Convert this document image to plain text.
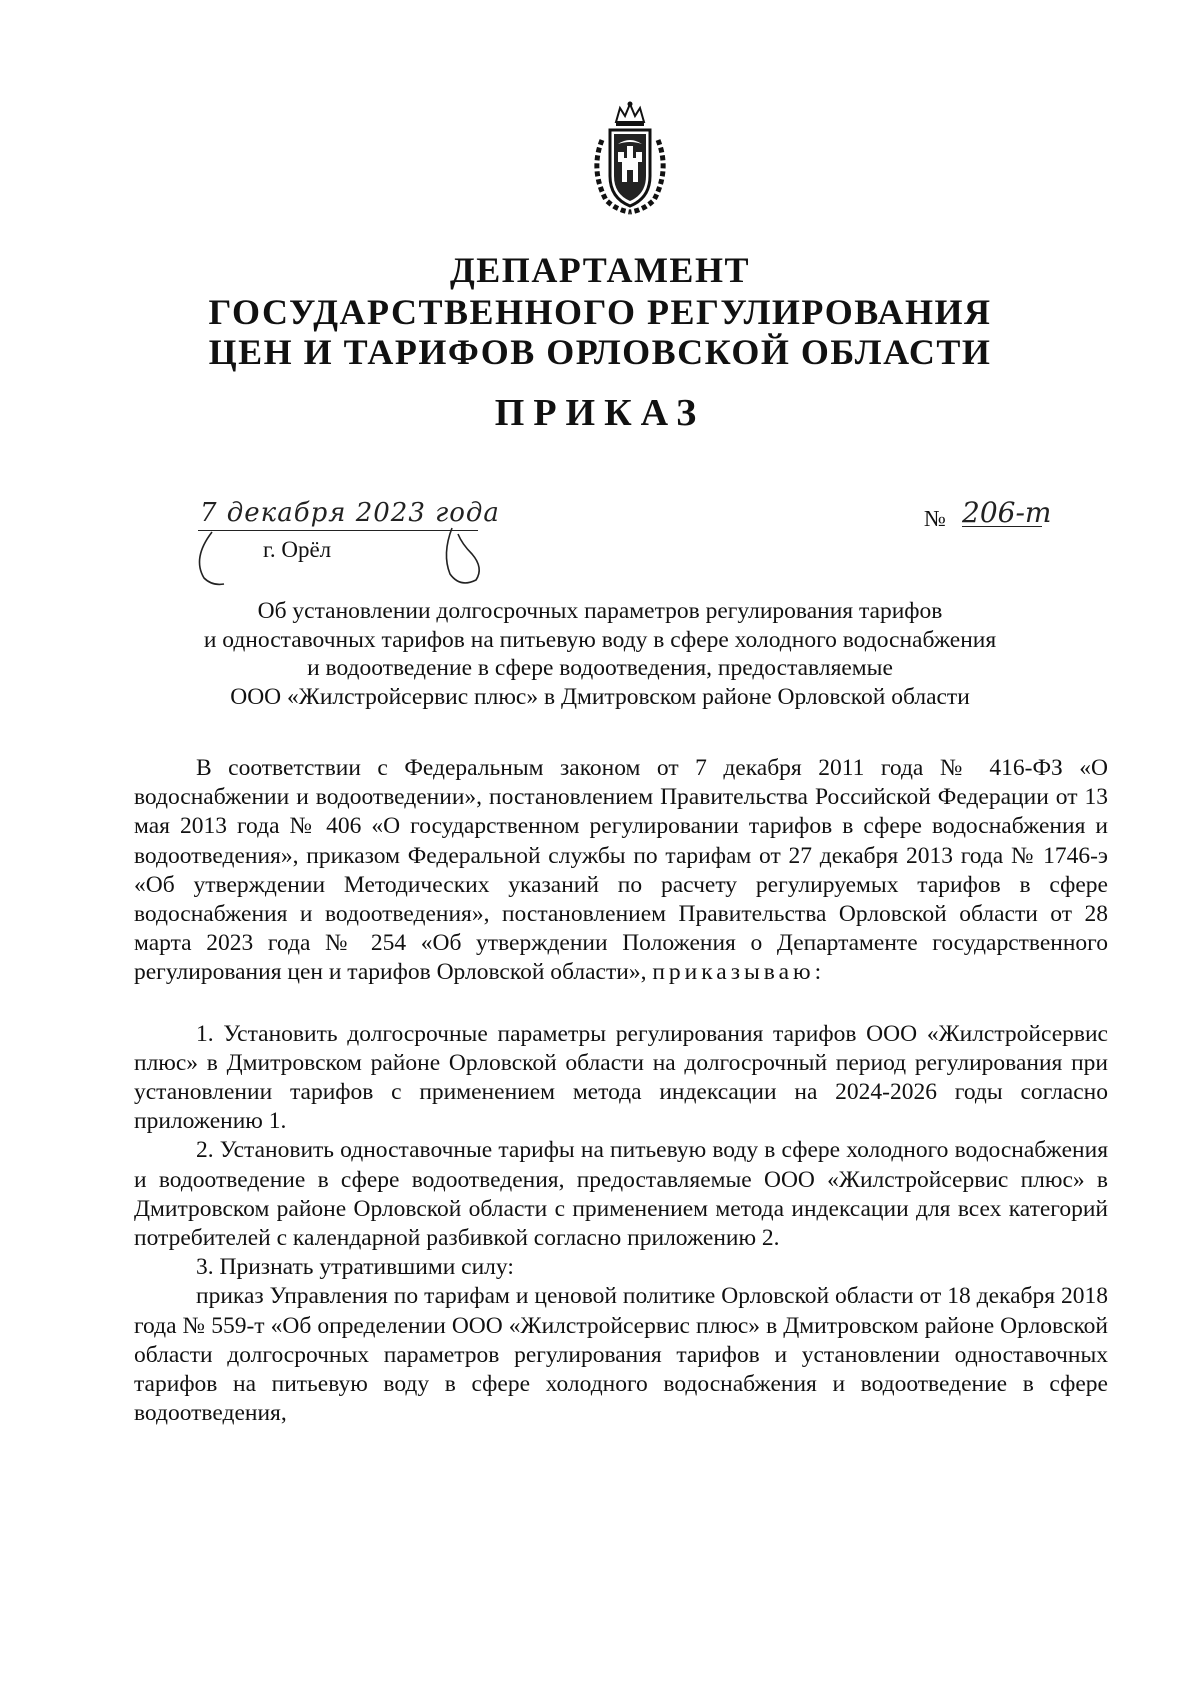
ДЕПАРТАМЕНТ
ГОСУДАРСТВЕННОГО РЕГУЛИРОВАНИЯ
ЦЕН И ТАРИФОВ ОРЛОВСКОЙ ОБЛАСТИ
ПРИКАЗ
7 декабря 2023 года
г. Орёл
№ 206-т
Об установлении долгосрочных параметров регулирования тарифов
и одноставочных тарифов на питьевую воду в сфере холодного водоснабжения
и водоотведение в сфере водоотведения, предоставляемые
ООО «Жилстройсервис плюс» в Дмитровском районе Орловской области

В соответствии с Федеральным законом от 7 декабря 2011 года № 416-ФЗ «О водоснабжении и водоотведении», постановлением Правительства Российской Федерации от 13 мая 2013 года № 406 «О государственном регулировании тарифов в сфере водоснабжения и водоотведения», приказом Федеральной службы по тарифам от 27 декабря 2013 года № 1746-э «Об утверждении Методических указаний по расчету регулируемых тарифов в сфере водоснабжения и водоотведения», постановлением Правительства Орловской области от 28 марта 2023 года № 254 «Об утверждении Положения о Департаменте государственного регулирования цен и тарифов Орловской области», приказываю:

1. Установить долгосрочные параметры регулирования тарифов ООО «Жилстройсервис плюс» в Дмитровском районе Орловской области на долгосрочный период регулирования при установлении тарифов с применением метода индексации на 2024-2026 годы согласно приложению 1.

2. Установить одноставочные тарифы на питьевую воду в сфере холодного водоснабжения и водоотведение в сфере водоотведения, предоставляемые ООО «Жилстройсервис плюс» в Дмитровском районе Орловской области с применением метода индексации для всех категорий потребителей с календарной разбивкой согласно приложению 2.

3. Признать утратившими силу:

приказ Управления по тарифам и ценовой политике Орловской области от 18 декабря 2018 года № 559-т «Об определении ООО «Жилстройсервис плюс» в Дмитровском районе Орловской области долгосрочных параметров регулирования тарифов и установлении одноставочных тарифов на питьевую воду в сфере холодного водоснабжения и водоотведение в сфере водоотведения,
